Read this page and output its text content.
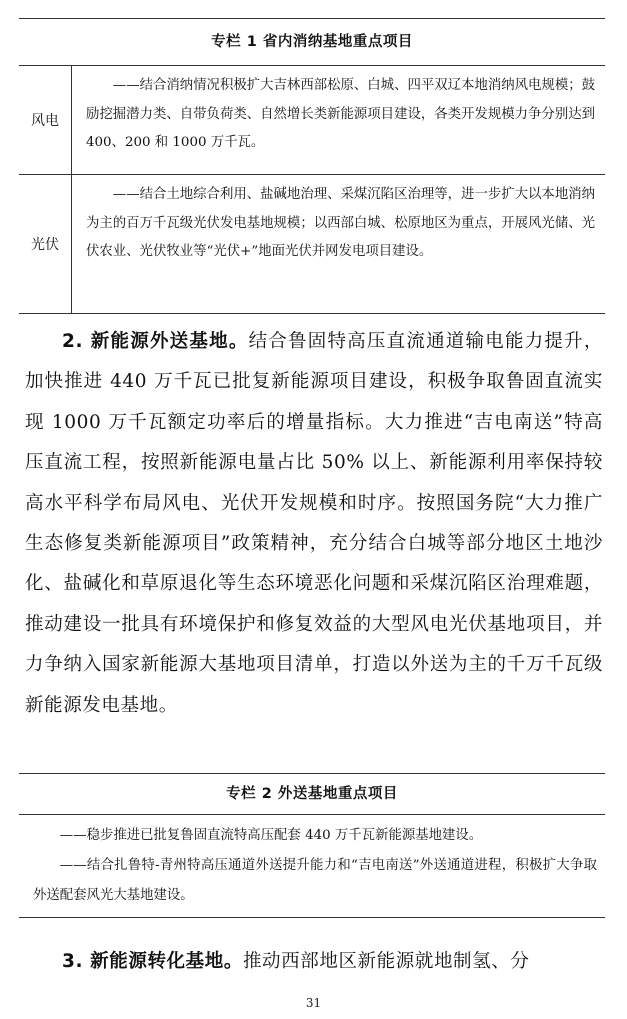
专栏 1 省内消纳基地重点项目
风电
——结合消纳情况积极扩大吉林西部松原、白城、四平双辽本地消纳风电规模；鼓励挖掘潜力类、自带负荷类、自然增长类新能源项目建设，各类开发规模力争分别达到 400、200 和 1000 万千瓦。
光伏
——结合土地综合利用、盐碱地治理、采煤沉陷区治理等，进一步扩大以本地消纳为主的百万千瓦级光伏发电基地规模；以西部白城、松原地区为重点，开展风光储、光伏农业、光伏牧业等“光伏+”地面光伏并网发电项目建设。

2. 新能源外送基地。结合鲁固特高压直流通道输电能力提升，加快推进 440 万千瓦已批复新能源项目建设，积极争取鲁固直流实现 1000 万千瓦额定功率后的增量指标。大力推进“吉电南送”特高压直流工程，按照新能源电量占比 50% 以上、新能源利用率保持较高水平科学布局风电、光伏开发规模和时序。按照国务院“大力推广生态修复类新能源项目”政策精神，充分结合白城等部分地区土地沙化、盐碱化和草原退化等生态环境恶化问题和采煤沉陷区治理难题，推动建设一批具有环境保护和修复效益的大型风电光伏基地项目，并力争纳入国家新能源大基地项目清单，打造以外送为主的千万千瓦级新能源发电基地。

专栏 2 外送基地重点项目

——稳步推进已批复鲁固直流特高压配套 440 万千瓦新能源基地建设。

——结合扎鲁特-青州特高压通道外送提升能力和“吉电南送”外送通道进程，积极扩大争取外送配套风光大基地建设。

3. 新能源转化基地。推动西部地区新能源就地制氢、分

31
